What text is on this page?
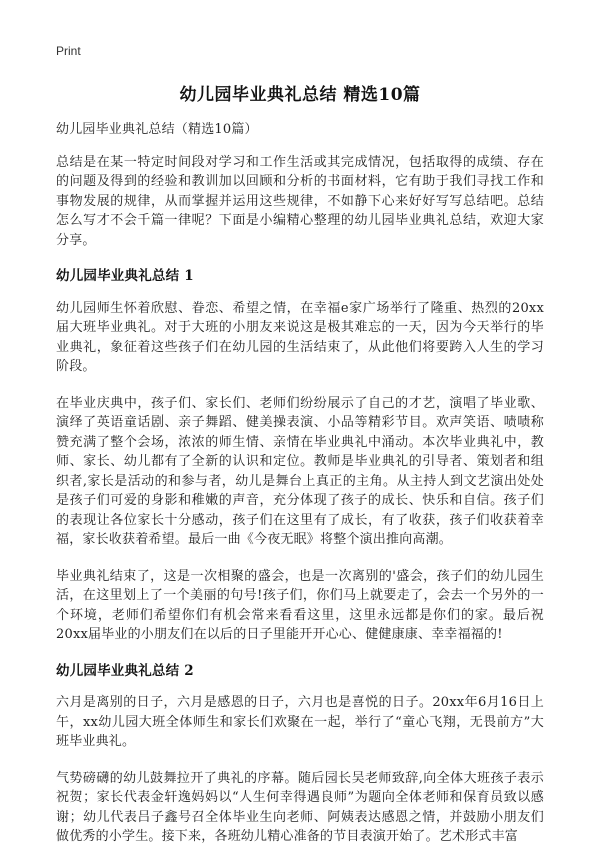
Print
幼儿园毕业典礼总结 精选10篇

幼儿园毕业典礼总结（精选10篇）

总结是在某一特定时间段对学习和工作生活或其完成情况，包括取得的成绩、存在的问题及得到的经验和教训加以回顾和分析的书面材料，它有助于我们寻找工作和事物发展的规律，从而掌握并运用这些规律，不如静下心来好好写写总结吧。总结怎么写才不会千篇一律呢？下面是小编精心整理的幼儿园毕业典礼总结，欢迎大家分享。

幼儿园毕业典礼总结 1

幼儿园师生怀着欣慰、眷恋、希望之情，在幸福e家广场举行了隆重、热烈的20xx届大班毕业典礼。对于大班的小朋友来说这是极其难忘的一天，因为今天举行的毕业典礼，象征着这些孩子们在幼儿园的生活结束了，从此他们将要跨入人生的学习阶段。

在毕业庆典中，孩子们、家长们、老师们纷纷展示了自己的才艺，演唱了毕业歌、演绎了英语童话剧、亲子舞蹈、健美操表演、小品等精彩节目。欢声笑语、啧啧称赞充满了整个会场，浓浓的师生情、亲情在毕业典礼中涌动。本次毕业典礼中，教师、家长、幼儿都有了全新的认识和定位。教师是毕业典礼的引导者、策划者和组织者,家长是活动的和参与者，幼儿是舞台上真正的主角。从主持人到文艺演出处处是孩子们可爱的身影和稚嫩的声音，充分体现了孩子的成长、快乐和自信。孩子们的表现让各位家长十分感动，孩子们在这里有了成长，有了收获，孩子们收获着幸福，家长收获着希望。最后一曲《今夜无眠》将整个演出推向高潮。

毕业典礼结束了，这是一次相聚的盛会，也是一次离别的'盛会，孩子们的幼儿园生活，在这里划上了一个美丽的句号!孩子们，你们马上就要走了，会去一个另外的一个环境，老师们希望你们有机会常来看看这里，这里永远都是你们的家。最后祝20xx届毕业的小朋友们在以后的日子里能开开心心、健健康康、幸幸福福的!

幼儿园毕业典礼总结 2

六月是离别的日子，六月是感恩的日子，六月也是喜悦的日子。20xx年6月16日上午，xx幼儿园大班全体师生和家长们欢聚在一起，举行了“童心飞翔，无畏前方”大班毕业典礼。

气势磅礴的幼儿鼓舞拉开了典礼的序幕。随后园长吴老师致辞,向全体大班孩子表示祝贺；家长代表金轩逸妈妈以“人生何幸得遇良师”为题向全体老师和保育员致以感谢；幼儿代表吕子鑫号召全体毕业生向老师、阿姨表达感恩之情，并鼓励小朋友们做优秀的小学生。接下来，各班幼儿精心准备的节目表演开始了。艺术形式丰富
